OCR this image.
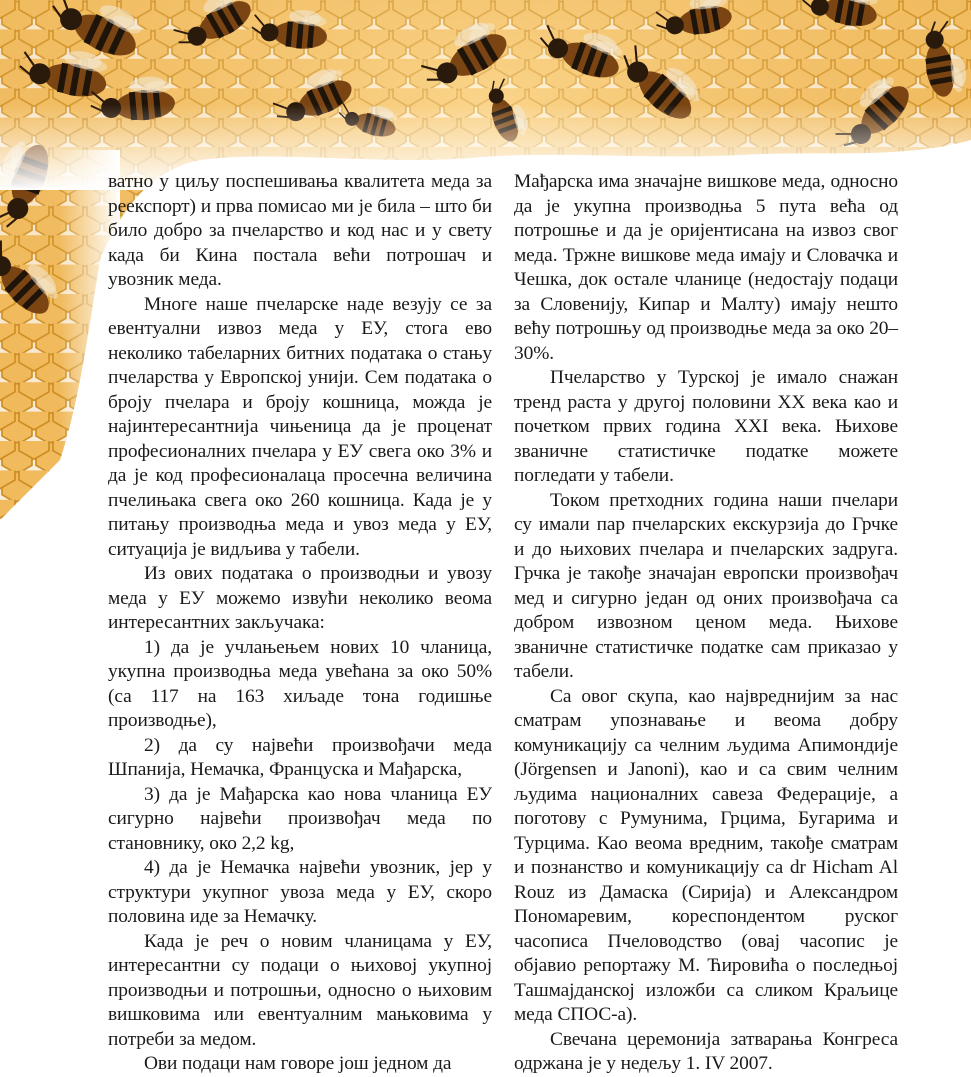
ватно у циљу поспешивања квалитета меда за реекспорт) и прва помисао ми је била – што би било добро за пчеларство и код нас и у свету када би Кина постала већи потрошач и увозник меда.

Многе наше пчеларске наде везују се за евентуални извоз меда у ЕУ, стога ево неколико табеларних битних података о стању пчеларства у Европској унији. Сем података о броју пчелара и броју кошница, можда је најинтересантнија чињеница да је проценат професионалних пчелара у ЕУ свега око 3% и да је код професионалаца просечна величина пчелињака свега око 260 кошница. Када је у питању производња меда и увоз меда у ЕУ, ситуација је видљива у табели.

Из ових података о производњи и увозу меда у ЕУ можемо извући неколико веома интересантних закључака:

1) да је учлањењем нових 10 чланица, укупна производња меда увећана за око 50% (са 117 на 163 хиљаде тона годишње производње),

2) да су највећи произвођачи меда Шпанија, Немачка, Француска и Мађарска,

3) да је Мађарска као нова чланица ЕУ сигурно највећи произвођач меда по становнику, око 2,2 kg,

4) да је Немачка највећи увозник, јер у структури укупног увоза меда у ЕУ, скоро половина иде за Немачку.

Када је реч о новим чланицама у ЕУ, интересантни су подаци о њиховој укупној производњи и потрошњи, односно о њиховим вишковима или евентуалним мањковима у потреби за медом.

Ови подаци нам говоре још једном да

Мађарска има значајне вишкове меда, односно да је укупна производња 5 пута већа од потрошње и да је оријентисана на извоз свог меда. Тржне вишкове меда имају и Словачка и Чешка, док остале чланице (недостају подаци за Словенију, Кипар и Малту) имају нешто већу потрошњу од производње меда за око 20–30%.

Пчеларство у Турској је имало снажан тренд раста у другој половини XX века као и почетком првих година XXI века. Њихове званичне статистичке податке можете погледати у табели.

Током претходних година наши пчелари су имали пар пчеларских екскурзија до Грчке и до њихових пчелара и пчеларских задруга. Грчка је такође значајан европски произвођач мед и сигурно један од оних произвођача са добром извозном ценом меда. Њихове званичне статистичке податке сам приказао у табели.

Са овог скупа, као највреднијим за нас сматрам упознавање и веома добру комуникацију са челним људима Апимондије (Jörgensen и Janoni), као и са свим челним људима националних савеза Федерације, а поготову с Румунима, Грцима, Бугарима и Турцима. Као веома вредним, такође сматрам и познанство и комуникацију са dr Hicham Al Rouz из Дамаска (Сирија) и Александром Пономаревим, кореспондентом руског часописа Пчеловодство (овај часопис је објавио репортажу М. Ћировића о последњој Ташмајданској изложби са сликом Краљице меда СПОС-а).

Свечана церемонија затварања Конгреса одржана је у недељу 1. IV 2007.
